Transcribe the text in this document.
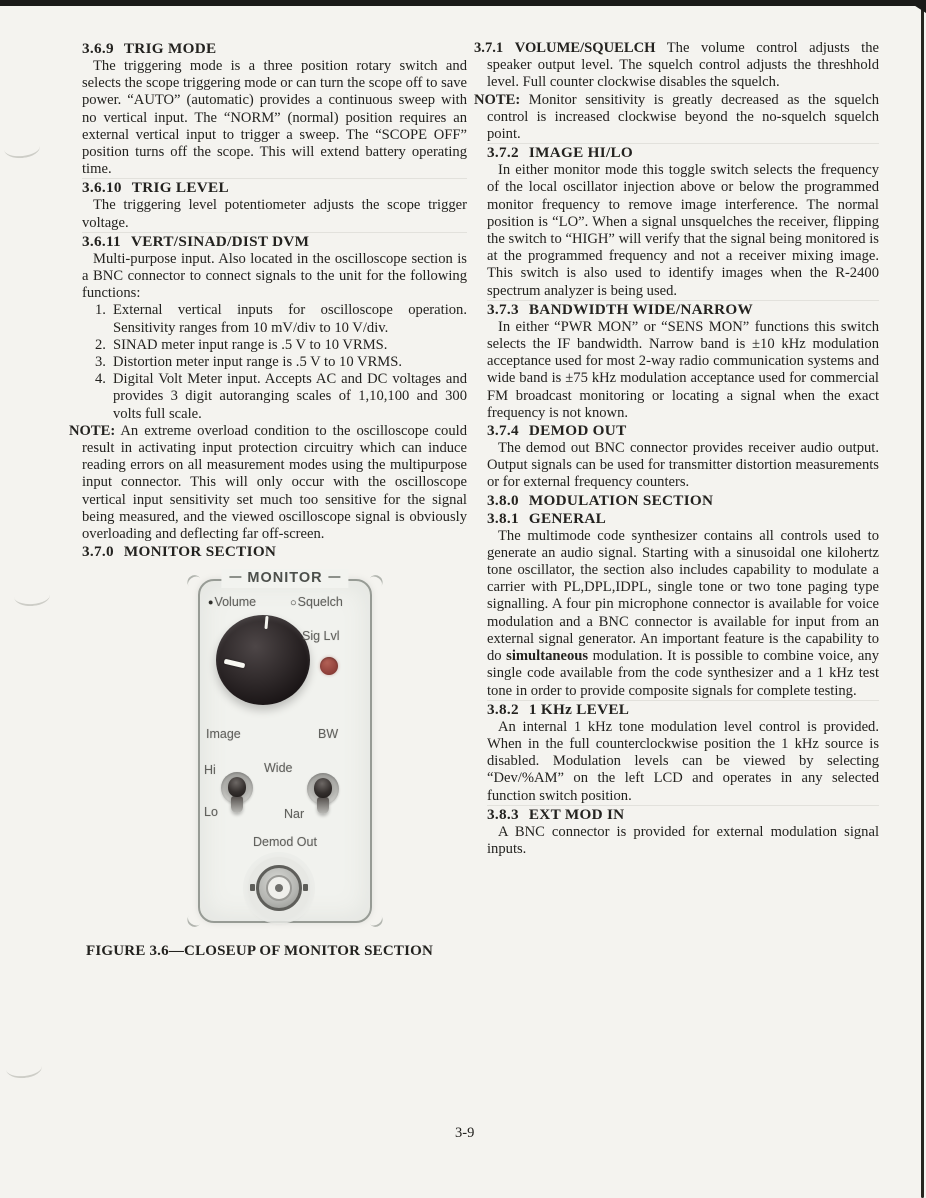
3.6.9 TRIG MODE

The triggering mode is a three position rotary switch and selects the scope triggering mode or can turn the scope off to save power. “AUTO” (automatic) provides a continuous sweep with no vertical input. The “NORM” (normal) position requires an external vertical input to trigger a sweep. The “SCOPE OFF” position turns off the scope. This will extend battery operating time.

3.6.10 TRIG LEVEL

The triggering level potentiometer adjusts the scope trigger voltage.

3.6.11 VERT/SINAD/DIST DVM

Multi-purpose input. Also located in the oscilloscope section is a BNC connector to connect signals to the unit for the following functions:

1. External vertical inputs for oscilloscope operation. Sensitivity ranges from 10 mV/div to 10 V/div.
2. SINAD meter input range is .5 V to 10 VRMS.
3. Distortion meter input range is .5 V to 10 VRMS.
4. Digital Volt Meter input. Accepts AC and DC voltages and provides 3 digit autoranging scales of 1,10,100 and 300 volts full scale.

NOTE: An extreme overload condition to the oscilloscope could result in activating input protection circuitry which can induce reading errors on all measurement modes using the multipurpose input connector. This will only occur with the oscilloscope vertical input sensitivity set much too sensitive for the signal being measured, and the viewed oscilloscope signal is obviously overloading and deflecting far off-screen.

3.7.0 MONITOR SECTION
MONITOR
●Volume	○Squelch
Sig Lvl
Image	BW
Hi	Wide
Lo	Nar
Demod Out

FIGURE 3.6—CLOSEUP OF MONITOR SECTION

3.7.1 VOLUME/SQUELCH The volume control adjusts the speaker output level. The squelch control adjusts the threshhold level. Full counter clockwise disables the squelch.

NOTE: Monitor sensitivity is greatly decreased as the squelch control is increased clockwise beyond the no-squelch squelch point.

3.7.2 IMAGE HI/LO

In either monitor mode this toggle switch selects the frequency of the local oscillator injection above or below the programmed monitor frequency to remove image interference. The normal position is “LO”. When a signal unsquelches the receiver, flipping the switch to “HIGH” will verify that the signal being monitored is at the programmed frequency and not a receiver mixing image. This switch is also used to identify images when the R-2400 spectrum analyzer is being used.

3.7.3 BANDWIDTH WIDE/NARROW

In either “PWR MON” or “SENS MON” functions this switch selects the IF bandwidth. Narrow band is ±10 kHz modulation acceptance used for most 2-way radio communication systems and wide band is ±75 kHz modulation acceptance used for commercial FM broadcast monitoring or locating a signal when the exact frequency is not known.

3.7.4 DEMOD OUT

The demod out BNC connector provides receiver audio output. Output signals can be used for transmitter distortion measurements or for external frequency counters.

3.8.0 MODULATION SECTION
3.8.1 GENERAL

The multimode code synthesizer contains all controls used to generate an audio signal. Starting with a sinusoidal one kilohertz tone oscillator, the section also includes capability to modulate a carrier with PL,DPL,IDPL, single tone or two tone paging type signalling. A four pin microphone connector is available for voice modulation and a BNC connector is available for input from an external signal generator. An important feature is the capability to do simultaneous modulation. It is possible to combine voice, any single code available from the code synthesizer and a 1 kHz test tone in order to provide composite signals for complete testing.

3.8.2 1 KHz LEVEL

An internal 1 kHz tone modulation level control is provided. When in the full counterclockwise position the 1 kHz source is disabled. Modulation levels can be viewed by selecting “Dev/%AM” on the left LCD and operates in any selected function switch position.

3.8.3 EXT MOD IN

A BNC connector is provided for external modulation signal inputs.

3-9
